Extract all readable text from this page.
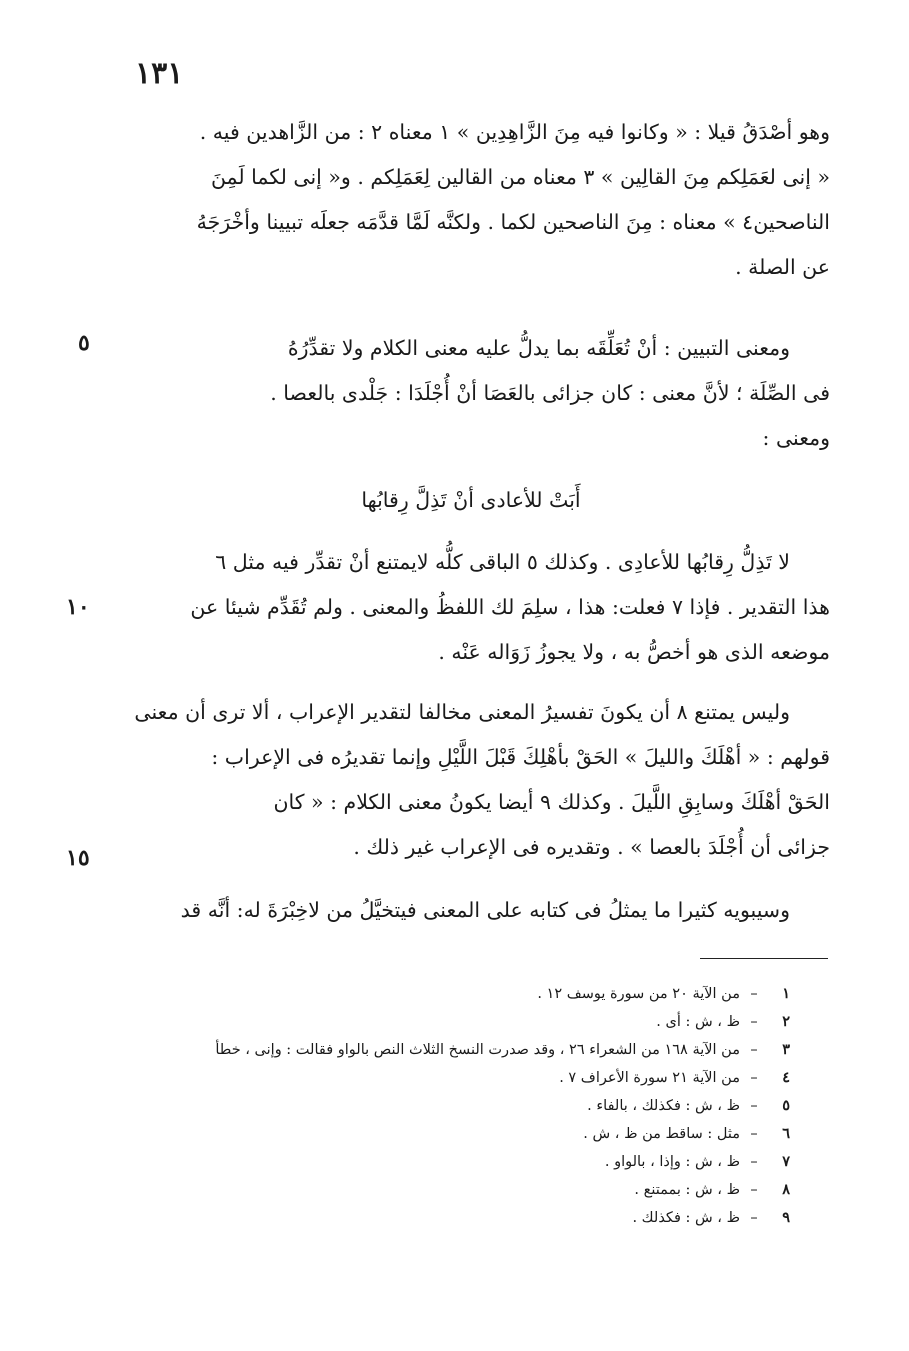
١٣١
وهو أصْدَقُ قيلا : « وكانوا فيه مِنَ الزَّاهِدِين » ١ معناه ٢ : من الزَّاهدين فيه .
« إنى لعَمَلِكم مِنَ القالِين » ٣ معناه من القالين لِعَمَلِكم . و« إنى لكما لَمِنَ
الناصحين٤ » معناه : مِنَ الناصحين لكما . ولكنَّه لَمَّا قدَّمَه جعلَه تبيينا وأخْرَجَهُ
عن الصلة .
ومعنى التبيين : أنْ تُعَلِّقَه بما يدلُّ عليه معنى الكلام ولا تقدِّرُهُ
فى الصِّلَة ؛ لأنَّ معنى : كان جزائى بالعَصَا أنْ أُجْلَدَا : جَلْدى بالعصا .
ومعنى :
أَبَتْ للأعادى أنْ تَذِلَّ رِقابُها
لا تَذِلُّ رِقابُها للأعادِى . وكذلك ٥ الباقى كلُّه لايمتنع أنْ تقدِّر فيه مثل ٦
هذا التقدير . فإذا ٧ فعلت: هذا ، سلِمَ لك اللفظُ والمعنى . ولم تُقَدِّم شيئا عن
موضعه الذى هو أخصُّ به ، ولا يجوزُ زَوَاله عَنْه .
وليس يمتنع ٨ أن يكونَ تفسيرُ المعنى مخالفا لتقدير الإعراب ، ألا ترى أن معنى
قولهم : « أهْلَكَ والليلَ » الحَقْ بأهْلِكَ قَبْلَ اللَّيْلِ وإنما تقديرُه فى الإعراب :
الحَقْ أهْلَكَ وسابِقِ اللَّيلَ . وكذلك ٩ أيضا يكونُ معنى الكلام : « كان
جزائى أن أُجْلَدَ بالعصا » . وتقديره فى الإعراب غير ذلك .
وسيبويه كثيرا ما يمثلُ فى كتابه على المعنى فيتخيَّلُ من لاخِبْرَةَ له: أنَّه قد
٥
١٠
١٥
١–من الآية ٢٠ من سورة يوسف ١٢ .
٢–ظ ، ش : أى .
٣–من الآية ١٦٨ من الشعراء ٢٦ ، وقد صدرت النسخ الثلاث النص بالواو فقالت : وإنى ، خطأ
٤–من الآية ٢١ سورة الأعراف ٧ .
٥–ظ ، ش : فكذلك ، بالفاء .
٦–مثل : ساقط من ظ ، ش .
٧–ظ ، ش : وإذا ، بالواو .
٨–ظ ، ش : بممتنع .
٩–ظ ، ش : فكذلك .
